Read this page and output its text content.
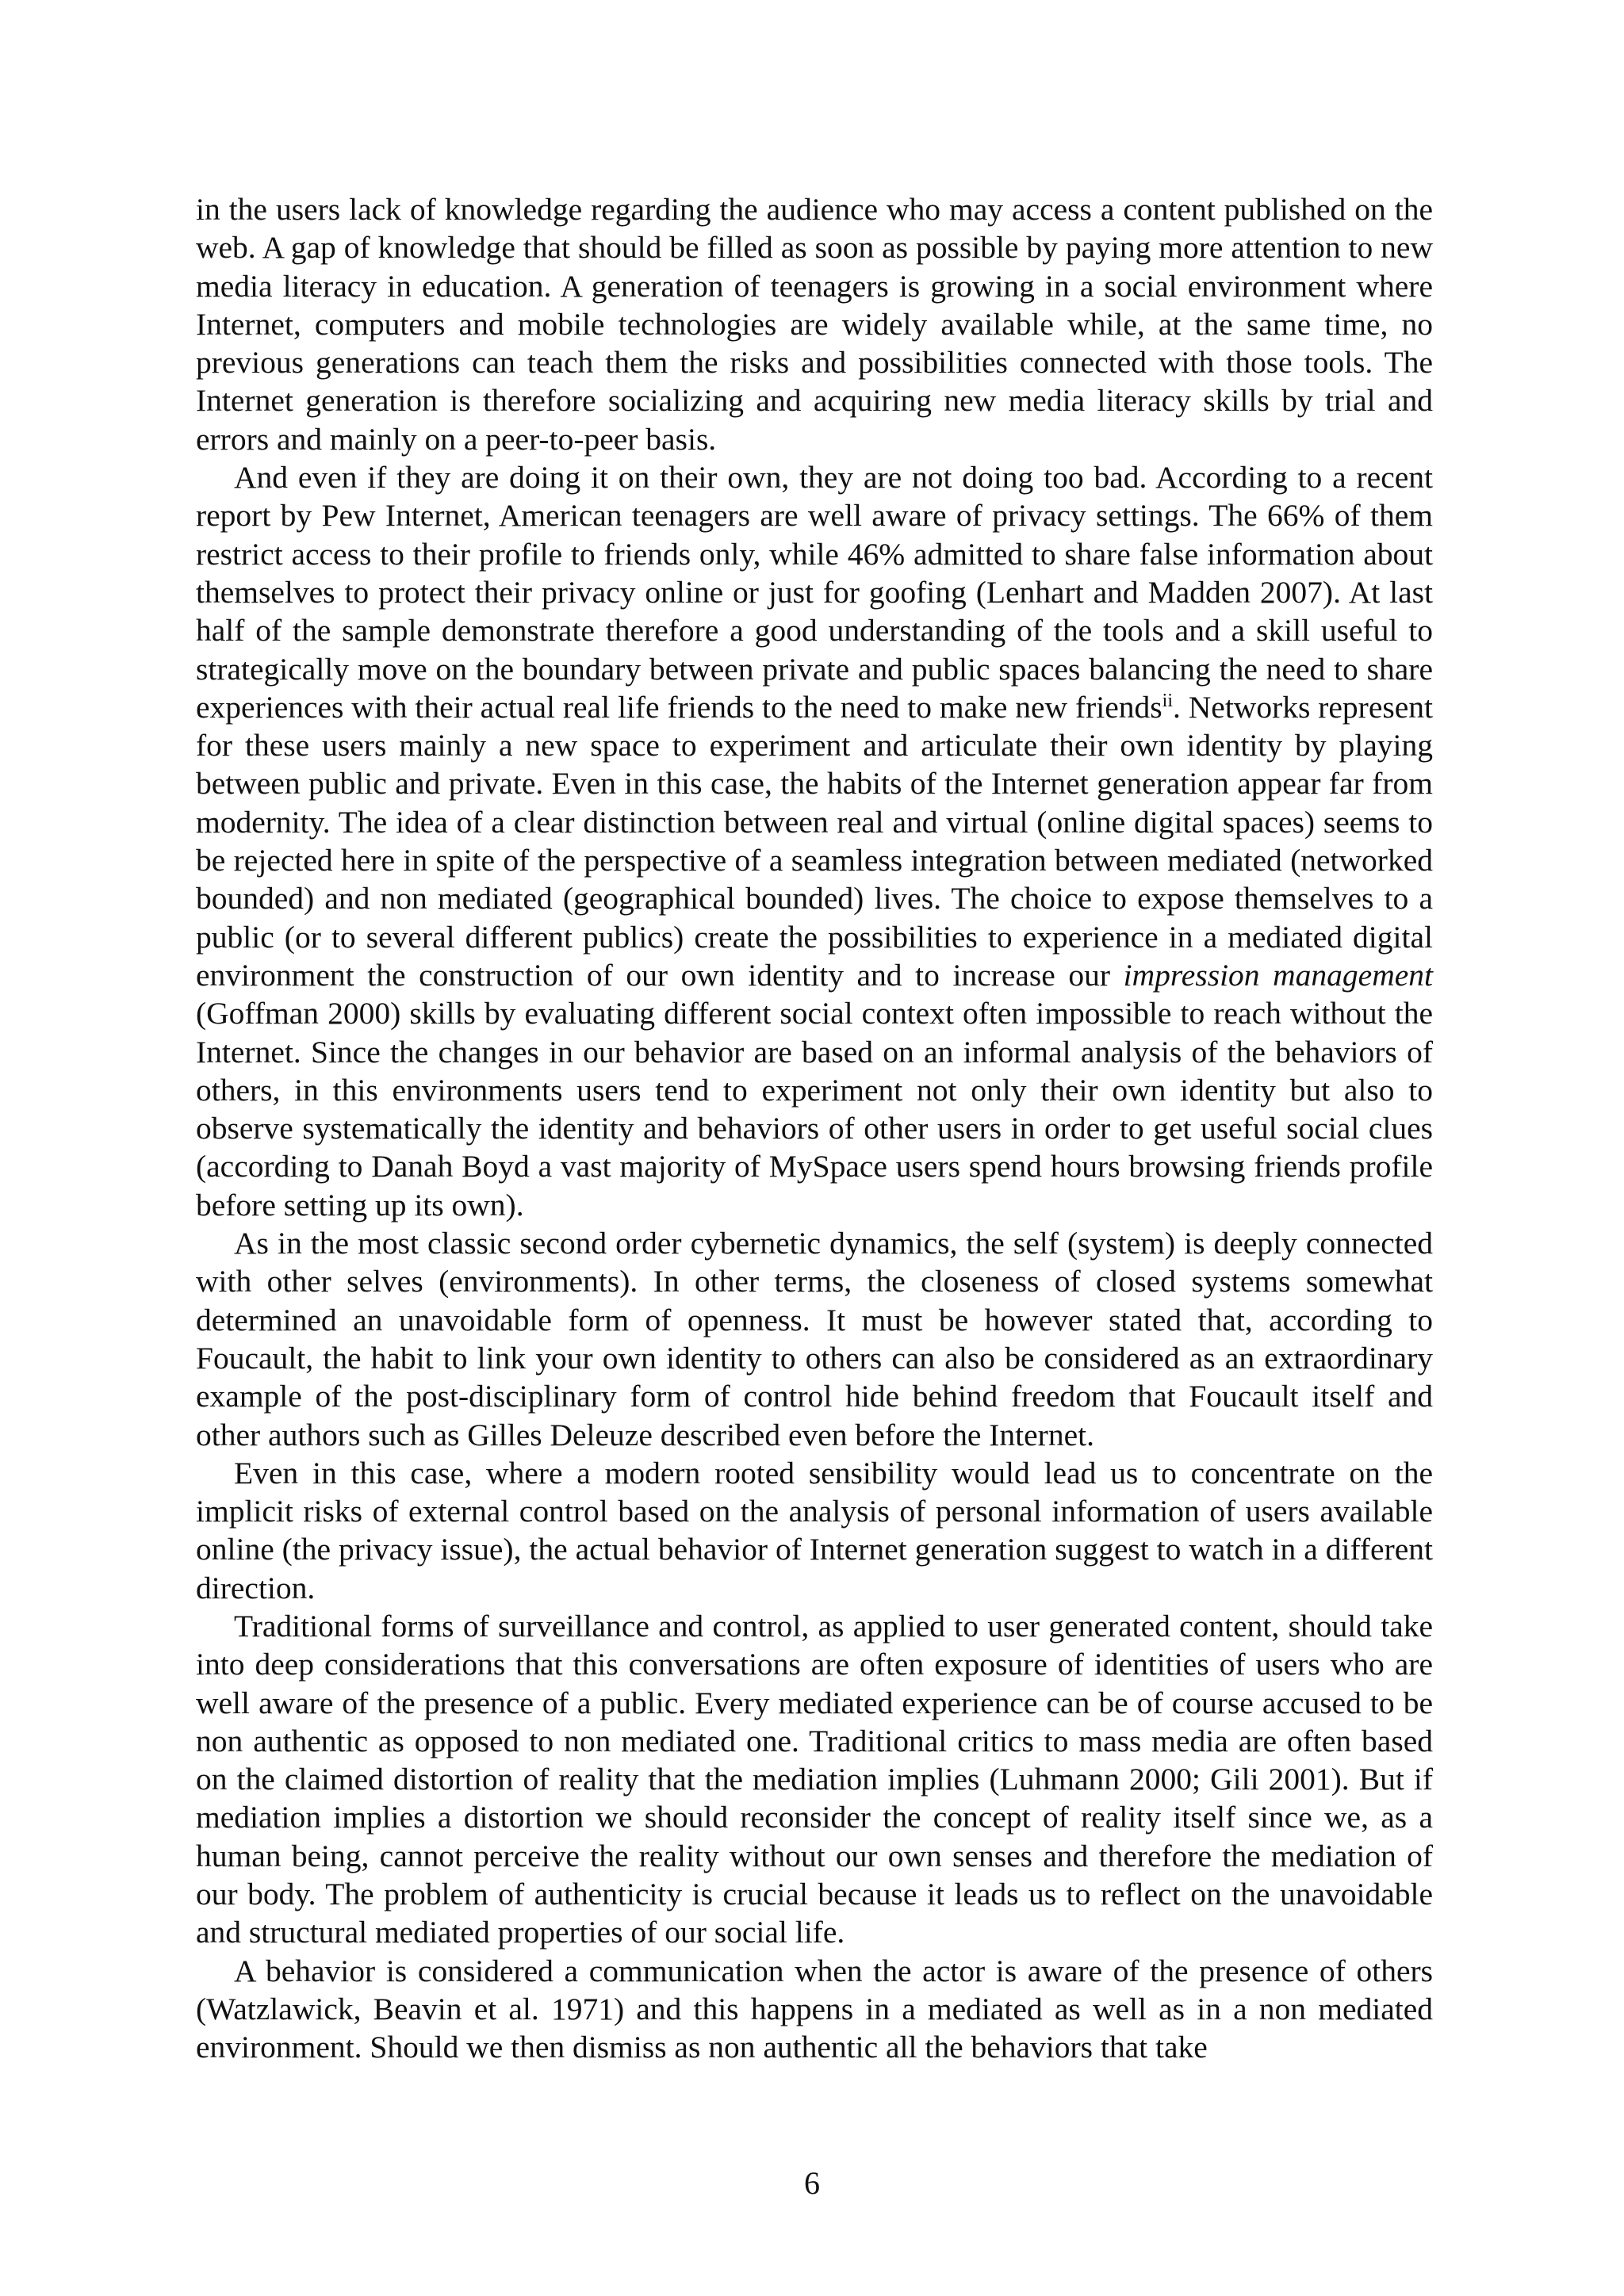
in the users lack of knowledge regarding the audience who may access a content published on the web. A gap of knowledge that should be filled as soon as possible by paying more attention to new media literacy in education. A generation of teenagers is growing in a social environment where Internet, computers and mobile technologies are widely available while, at the same time, no previous generations can teach them the risks and possibilities connected with those tools. The Internet generation is therefore socializing and acquiring new media literacy skills by trial and errors and mainly on a peer-to-peer basis.

And even if they are doing it on their own, they are not doing too bad. According to a recent report by Pew Internet, American teenagers are well aware of privacy settings. The 66% of them restrict access to their profile to friends only, while 46% admitted to share false information about themselves to protect their privacy online or just for goofing (Lenhart and Madden 2007). At last half of the sample demonstrate therefore a good understanding of the tools and a skill useful to strategically move on the boundary between private and public spaces balancing the need to share experiences with their actual real life friends to the need to make new friends$^{ii}$. Networks represent for these users mainly a new space to experiment and articulate their own identity by playing between public and private. Even in this case, the habits of the Internet generation appear far from modernity. The idea of a clear distinction between real and virtual (online digital spaces) seems to be rejected here in spite of the perspective of a seamless integration between mediated (networked bounded) and non mediated (geographical bounded) lives. The choice to expose themselves to a public (or to several different publics) create the possibilities to experience in a mediated digital environment the construction of our own identity and to increase our impression management (Goffman 2000) skills by evaluating different social context often impossible to reach without the Internet. Since the changes in our behavior are based on an informal analysis of the behaviors of others, in this environments users tend to experiment not only their own identity but also to observe systematically the identity and behaviors of other users in order to get useful social clues (according to Danah Boyd a vast majority of MySpace users spend hours browsing friends profile before setting up its own).

As in the most classic second order cybernetic dynamics, the self (system) is deeply connected with other selves (environments). In other terms, the closeness of closed systems somewhat determined an unavoidable form of openness. It must be however stated that, according to Foucault, the habit to link your own identity to others can also be considered as an extraordinary example of the post-disciplinary form of control hide behind freedom that Foucault itself and other authors such as Gilles Deleuze described even before the Internet.

Even in this case, where a modern rooted sensibility would lead us to concentrate on the implicit risks of external control based on the analysis of personal information of users available online (the privacy issue), the actual behavior of Internet generation suggest to watch in a different direction.

Traditional forms of surveillance and control, as applied to user generated content, should take into deep considerations that this conversations are often exposure of identities of users who are well aware of the presence of a public. Every mediated experience can be of course accused to be non authentic as opposed to non mediated one. Traditional critics to mass media are often based on the claimed distortion of reality that the mediation implies (Luhmann 2000; Gili 2001). But if mediation implies a distortion we should reconsider the concept of reality itself since we, as a human being, cannot perceive the reality without our own senses and therefore the mediation of our body. The problem of authenticity is crucial because it leads us to reflect on the unavoidable and structural mediated properties of our social life.

A behavior is considered a communication when the actor is aware of the presence of others (Watzlawick, Beavin et al. 1971) and this happens in a mediated as well as in a non mediated environment. Should we then dismiss as non authentic all the behaviors that take

6
